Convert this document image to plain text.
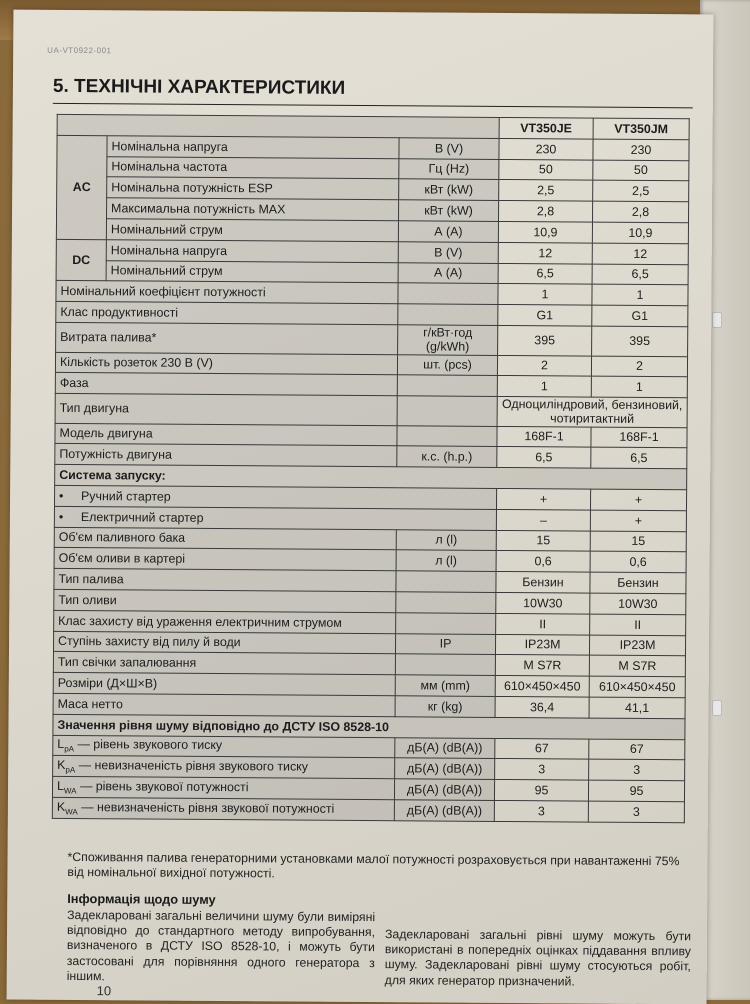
UA-VT0922-001
5. ТЕХНІЧНІ ХАРАКТЕРИСТИКИ
			VT350JE	VT350JM
AC	Номінальна напруга	В (V)	230	230
	Номінальна частота	Гц (Hz)	50	50
	Номінальна потужність ESP	кВт (kW)	2,5	2,5
	Максимальна потужність MAX	кВт (kW)	2,8	2,8
	Номінальний струм	А (A)	10,9	10,9
DC	Номінальна напруга	В (V)	12	12
	Номінальний струм	А (A)	6,5	6,5
Номінальний коефіцієнт потужності			1	1
Клас продуктивності			G1	G1
Витрата палива*		г/кВт·год (g/kWh)	395	395
Кількість розеток 230 В (V)		шт. (pcs)	2	2
Фаза			1	1
Тип двигуна			Одноциліндровий, бензиновий, чотиритактний	
Модель двигуна			168F-1	168F-1
Потужність двигуна		к.с. (h.p.)	6,5	6,5
Система запуску:				
• Ручний стартер			+	+
• Електричний стартер			–	+
Об'єм паливного бака		л (l)	15	15
Об'єм оливи в картері		л (l)	0,6	0,6
Тип палива			Бензин	Бензин
Тип оливи			10W30	10W30
Клас захисту від ураження електричним струмом			II	II
Ступінь захисту від пилу й води		IP	IP23M	IP23M
Тип свічки запалювання			M S7R	M S7R
Розміри (Д×Ш×В)		мм (mm)	610×450×450	610×450×450
Маса нетто		кг (kg)	36,4	41,1
Значення рівня шуму відповідно до ДСТУ ISO 8528-10				
$L_{pA}$ — рівень звукового тиску		дБ(A) (dB(A))	67	67
$K_{pA}$ — невизначеність рівня звукового тиску		дБ(A) (dB(A))	3	3
$L_{WA}$ — рівень звукової потужності		дБ(A) (dB(A))	95	95
$K_{WA}$ — невизначеність рівня звукової потужності		дБ(A) (dB(A))	3	3

*Споживання палива генераторними установками малої потужності розраховується при навантаженні 75% від номінальної вихідної потужності.

Інформація щодо шуму

Задекларовані загальні величини шуму були виміряні відповідно до стандартного методу випробування, визначеного в ДСТУ ISO 8528-10, і можуть бути застосовані для порівняння одного генератора з іншим.

Задекларовані загальні рівні шуму можуть бути використані в попередніх оцінках піддавання впливу шуму. Задекларовані рівні шуму стосуються робіт, для яких генератор призначений.

10
